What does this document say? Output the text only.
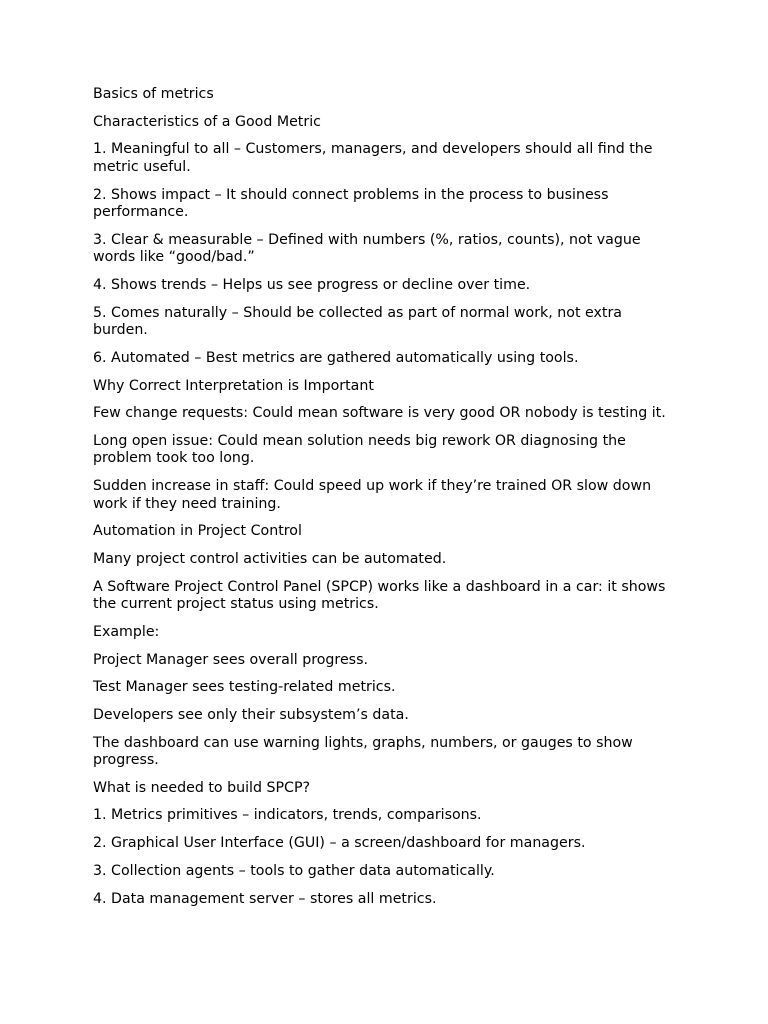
Basics of metrics

Characteristics of a Good Metric

1. Meaningful to all – Customers, managers, and developers should all find the metric useful.

2. Shows impact – It should connect problems in the process to business performance.

3. Clear & measurable – Defined with numbers (%, ratios, counts), not vague words like “good/bad.”

4. Shows trends – Helps us see progress or decline over time.

5. Comes naturally – Should be collected as part of normal work, not extra burden.

6. Automated – Best metrics are gathered automatically using tools.

Why Correct Interpretation is Important

Few change requests: Could mean software is very good OR nobody is testing it.

Long open issue: Could mean solution needs big rework OR diagnosing the problem took too long.

Sudden increase in staff: Could speed up work if they’re trained OR slow down work if they need training.

Automation in Project Control

Many project control activities can be automated.

A Software Project Control Panel (SPCP) works like a dashboard in a car: it shows the current project status using metrics.

Example:

Project Manager sees overall progress.

Test Manager sees testing-related metrics.

Developers see only their subsystem’s data.

The dashboard can use warning lights, graphs, numbers, or gauges to show progress.

What is needed to build SPCP?

1. Metrics primitives – indicators, trends, comparisons.

2. Graphical User Interface (GUI) – a screen/dashboard for managers.

3. Collection agents – tools to gather data automatically.

4. Data management server – stores all metrics.
